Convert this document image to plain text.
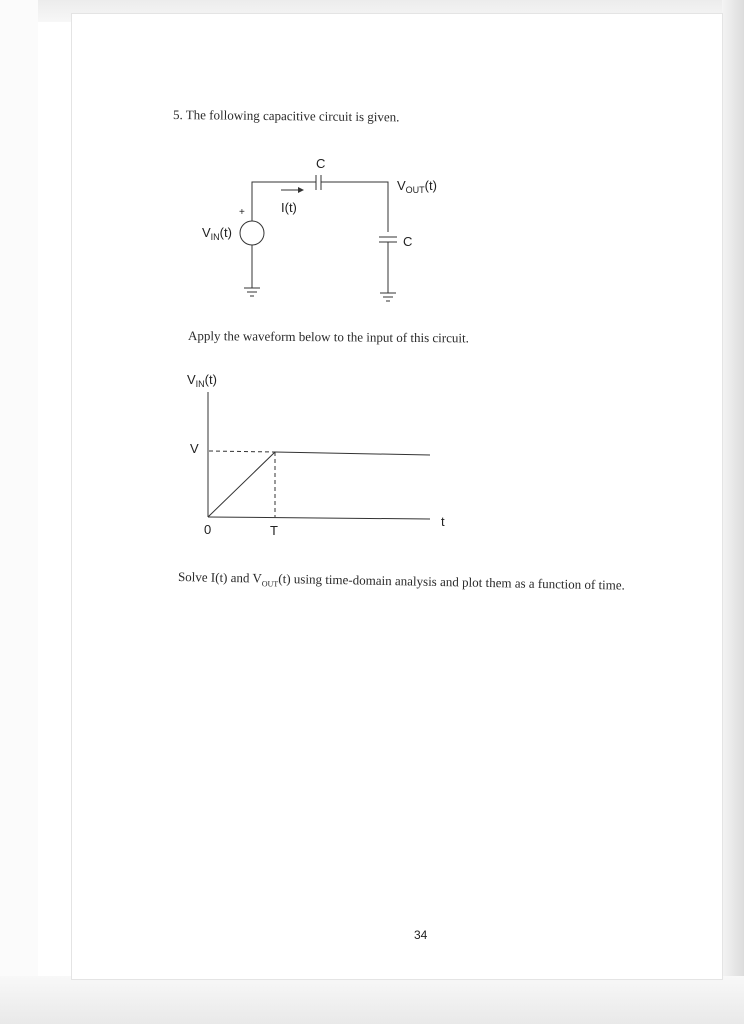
5. The following capacitive circuit is given.
C
I(t)
+
$V_{OUT}(t)$
$V_{IN}(t)$
C
Apply the waveform below to the input of this circuit.
$V_{IN}(t)$
V
0	T
t
Solve I(t) and $V_{OUT}(t)$ using time-domain analysis and plot them as a function of time.
34
